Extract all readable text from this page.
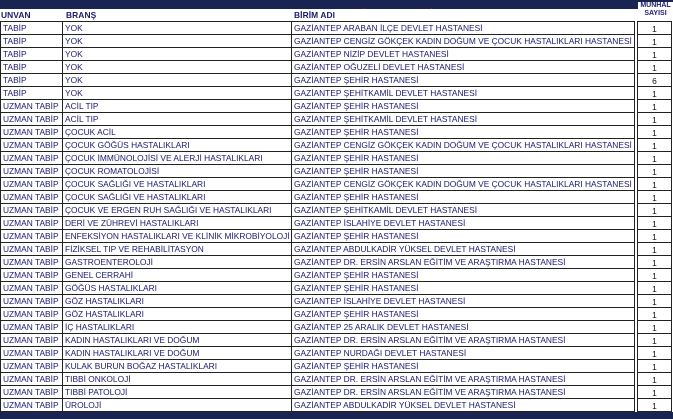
UNVAN	BRANŞ	BİRİM ADI
MÜNHAL
SAYISI
TABİP	YOK	GAZİANTEP ARABAN İLÇE DEVLET HASTANESİ		1
TABİP	YOK	GAZİANTEP CENGİZ GÖKÇEK KADIN DOĞUM VE ÇOCUK HASTALIKLARI HASTANESİ		1
TABİP	YOK	GAZİANTEP NİZİP DEVLET HASTANESİ		1
TABİP	YOK	GAZİANTEP OĞUZELİ DEVLET HASTANESİ		1
TABİP	YOK	GAZİANTEP ŞEHİR HASTANESİ		6
TABİP	YOK	GAZİANTEP ŞEHİTKAMİL DEVLET HASTANESİ		1
UZMAN TABİP	ACİL TIP	GAZİANTEP ŞEHİR HASTANESİ		1
UZMAN TABİP	ACİL TIP	GAZİANTEP ŞEHİTKAMİL DEVLET HASTANESİ		1
UZMAN TABİP	ÇOCUK ACİL	GAZİANTEP ŞEHİR HASTANESİ		1
UZMAN TABİP	ÇOCUK GÖĞÜS HASTALIKLARI	GAZİANTEP CENGİZ GÖKÇEK KADIN DOĞUM VE ÇOCUK HASTALIKLARI HASTANESİ		1
UZMAN TABİP	ÇOCUK İMMÜNOLOJİSİ VE ALERJİ HASTALIKLARI	GAZİANTEP ŞEHİR HASTANESİ		1
UZMAN TABİP	ÇOCUK ROMATOLOJİSİ	GAZİANTEP ŞEHİR HASTANESİ		1
UZMAN TABİP	ÇOCUK SAĞLIĞI VE HASTALIKLARI	GAZİANTEP CENGİZ GÖKÇEK KADIN DOĞUM VE ÇOCUK HASTALIKLARI HASTANESİ		1
UZMAN TABİP	ÇOCUK SAĞLIĞI VE HASTALIKLARI	GAZİANTEP ŞEHİR HASTANESİ		1
UZMAN TABİP	ÇOCUK VE ERGEN RUH SAĞLIĞI VE HASTALIKLARI	GAZİANTEP ŞEHİTKAMİL DEVLET HASTANESİ		1
UZMAN TABİP	DERİ VE ZÜHREVİ HASTALIKLARI	GAZİANTEP İSLAHİYE DEVLET HASTANESİ		1
UZMAN TABİP	ENFEKSİYON HASTALIKLARI VE KLİNİK MİKROBİYOLOJİ	GAZİANTEP ŞEHİR HASTANESİ		1
UZMAN TABİP	FİZİKSEL TIP VE REHABİLİTASYON	GAZİANTEP ABDULKADİR YÜKSEL DEVLET HASTANESİ		1
UZMAN TABİP	GASTROENTEROLOJİ	GAZİANTEP DR. ERSİN ARSLAN EĞİTİM VE ARAŞTIRMA HASTANESİ		1
UZMAN TABİP	GENEL CERRAHİ	GAZİANTEP ŞEHİR HASTANESİ		1
UZMAN TABİP	GÖĞÜS HASTALIKLARI	GAZİANTEP ŞEHİR HASTANESİ		1
UZMAN TABİP	GÖZ HASTALIKLARI	GAZİANTEP İSLAHİYE DEVLET HASTANESİ		1
UZMAN TABİP	GÖZ HASTALIKLARI	GAZİANTEP ŞEHİR HASTANESİ		1
UZMAN TABİP	İÇ HASTALIKLARI	GAZİANTEP 25 ARALIK DEVLET HASTANESİ		1
UZMAN TABİP	KADIN HASTALIKLARI VE DOĞUM	GAZİANTEP DR. ERSİN ARSLAN EĞİTİM VE ARAŞTIRMA HASTANESİ		1
UZMAN TABİP	KADIN HASTALIKLARI VE DOĞUM	GAZİANTEP NURDAĞI DEVLET HASTANESİ		1
UZMAN TABİP	KULAK BURUN BOĞAZ HASTALIKLARI	GAZİANTEP ŞEHİR HASTANESİ		1
UZMAN TABİP	TIBBİ ONKOLOJİ	GAZİANTEP DR. ERSİN ARSLAN EĞİTİM VE ARAŞTIRMA HASTANESİ		1
UZMAN TABİP	TIBBİ PATOLOJİ	GAZİANTEP DR. ERSİN ARSLAN EĞİTİM VE ARAŞTIRMA HASTANESİ		1
UZMAN TABİP	ÜROLOJİ	GAZİANTEP ABDULKADİR YÜKSEL DEVLET HASTANESİ		1
